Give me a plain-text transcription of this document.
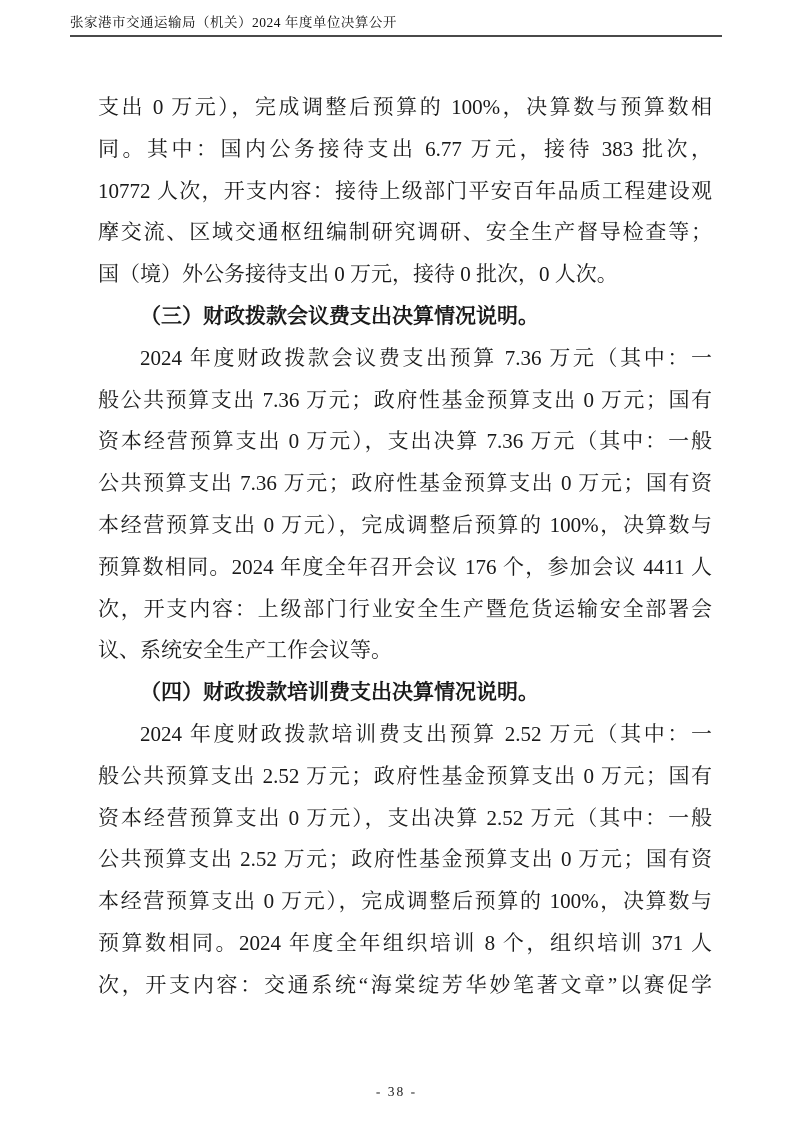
张家港市交通运输局（机关）2024 年度单位决算公开
支出 0 万元），完成调整后预算的 100%，决算数与预算数相
同。其中：国内公务接待支出 6.77 万元，接待 383 批次，
10772 人次，开支内容：接待上级部门平安百年品质工程建设观
摩交流、区域交通枢纽编制研究调研、安全生产督导检查等；
国（境）外公务接待支出 0 万元，接待 0 批次，0 人次。
（三）财政拨款会议费支出决算情况说明。
2024 年度财政拨款会议费支出预算 7.36 万元（其中：一
般公共预算支出 7.36 万元；政府性基金预算支出 0 万元；国有
资本经营预算支出 0 万元），支出决算 7.36 万元（其中：一般
公共预算支出 7.36 万元；政府性基金预算支出 0 万元；国有资
本经营预算支出 0 万元），完成调整后预算的 100%，决算数与
预算数相同。2024 年度全年召开会议 176 个，参加会议 4411 人
次，开支内容：上级部门行业安全生产暨危货运输安全部署会
议、系统安全生产工作会议等。
（四）财政拨款培训费支出决算情况说明。
2024 年度财政拨款培训费支出预算 2.52 万元（其中：一
般公共预算支出 2.52 万元；政府性基金预算支出 0 万元；国有
资本经营预算支出 0 万元），支出决算 2.52 万元（其中：一般
公共预算支出 2.52 万元；政府性基金预算支出 0 万元；国有资
本经营预算支出 0 万元），完成调整后预算的 100%，决算数与
预算数相同。2024 年度全年组织培训 8 个，组织培训 371 人
次，开支内容：交通系统“海棠绽芳华妙笔著文章”以赛促学
- 38 -
